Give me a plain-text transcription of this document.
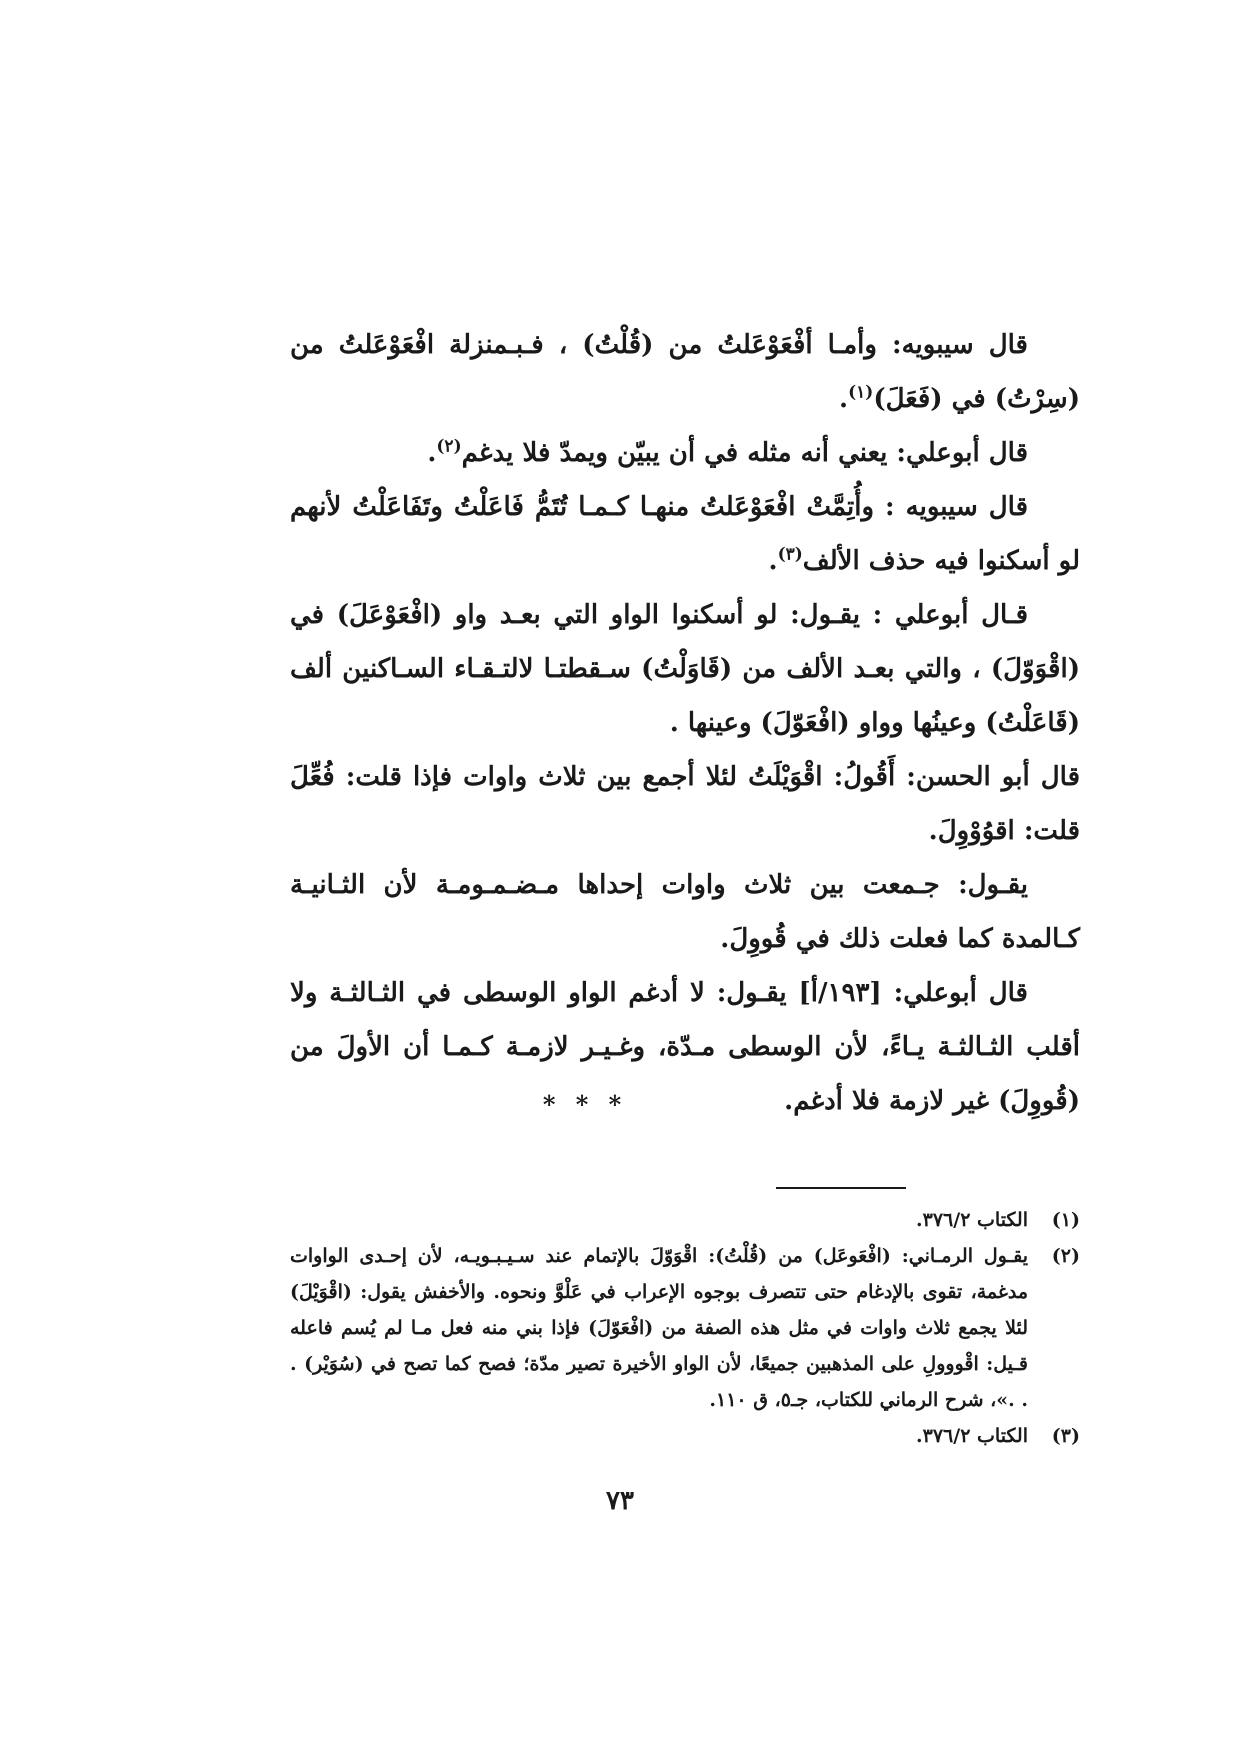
قال سيبويه: وأمـا أفْعَوْعَلتُ من (قُلْتُ) ، فـبـمنزلة افْعَوْعَلتُ من (سِرْتُ) في (فَعَلَ)$^{(١)}$.

قال أبوعلي: يعني أنه مثله في أن يبيّن ويمدّ فلا يدغم$^{(٢)}$.

قال سيبويه : وأُتِمَّتْ افْعَوْعَلتُ منهـا كـمـا تُتَمُّ فَاعَلْتُ وتَفَاعَلْتُ لأنهم لو أسكنوا فيه حذف الألف$^{(٣)}$.

قـال أبوعلي : يقـول: لو أسكنوا الواو التي بعـد واو (افْعَوْعَلَ) في (اقْوَوّلَ) ، والتي بعـد الألف من (قَاوَلْتُ) سـقطتـا لالتـقـاء السـاكنين ألف (قَاعَلْتُ) وعينُها وواو (افْعَوّلَ) وعينها .

قال أبو الحسن: أَقُولُ: اقْوَيْلَتُ لئلا أجمع بين ثلاث واوات فإذا قلت: فُعِّلَ قلت: اقوُوْوِلَ.

يقـول: جـمعت بين ثلاث واوات إحداها مـضـمـومـة لأن الثـانيـة كـالمدة كما فعلت ذلك في قُووِلَ.

قال أبوعلي: [١٩٣/أ] يقـول: لا أدغم الواو الوسطى في الثـالثـة ولا أقلب الثـالثـة يـاءً، لأن الوسطى مـدّة، وغـيـر لازمـة كـمـا أن الأولَ من (قُووِلَ) غير لازمة فلا أدغم.

* * *
(١)
الكتاب ٣٧٦/٢.
(٢)
يقـول الرمـاني: (افْعَوعَل) من (قُلْتُ): اقْوَوّلَ بالإتمام عند سـيـبـويـه، لأن إحـدى الواوات مدغمة، تقوى بالإدغام حتى تتصرف بوجوه الإعراب في عَلْوَّ ونحوه. والأخفش يقول: (اقْوَيْلَ) لئلا يجمع ثلاث واوات في مثل هذه الصفة من (افْعَوّلَ) فإذا بني منه فعل مـا لم يُسم فاعله قـيل: اقْووولِ على المذهبين جميعًا، لأن الواو الأخيرة تصير مدّة؛ فصح كما تصح في (سُوَيْر) . . .»، شرح الرماني للكتاب، جـ٥، ق ١١٠.
(٣)
الكتاب ٣٧٦/٢.
٧٣
